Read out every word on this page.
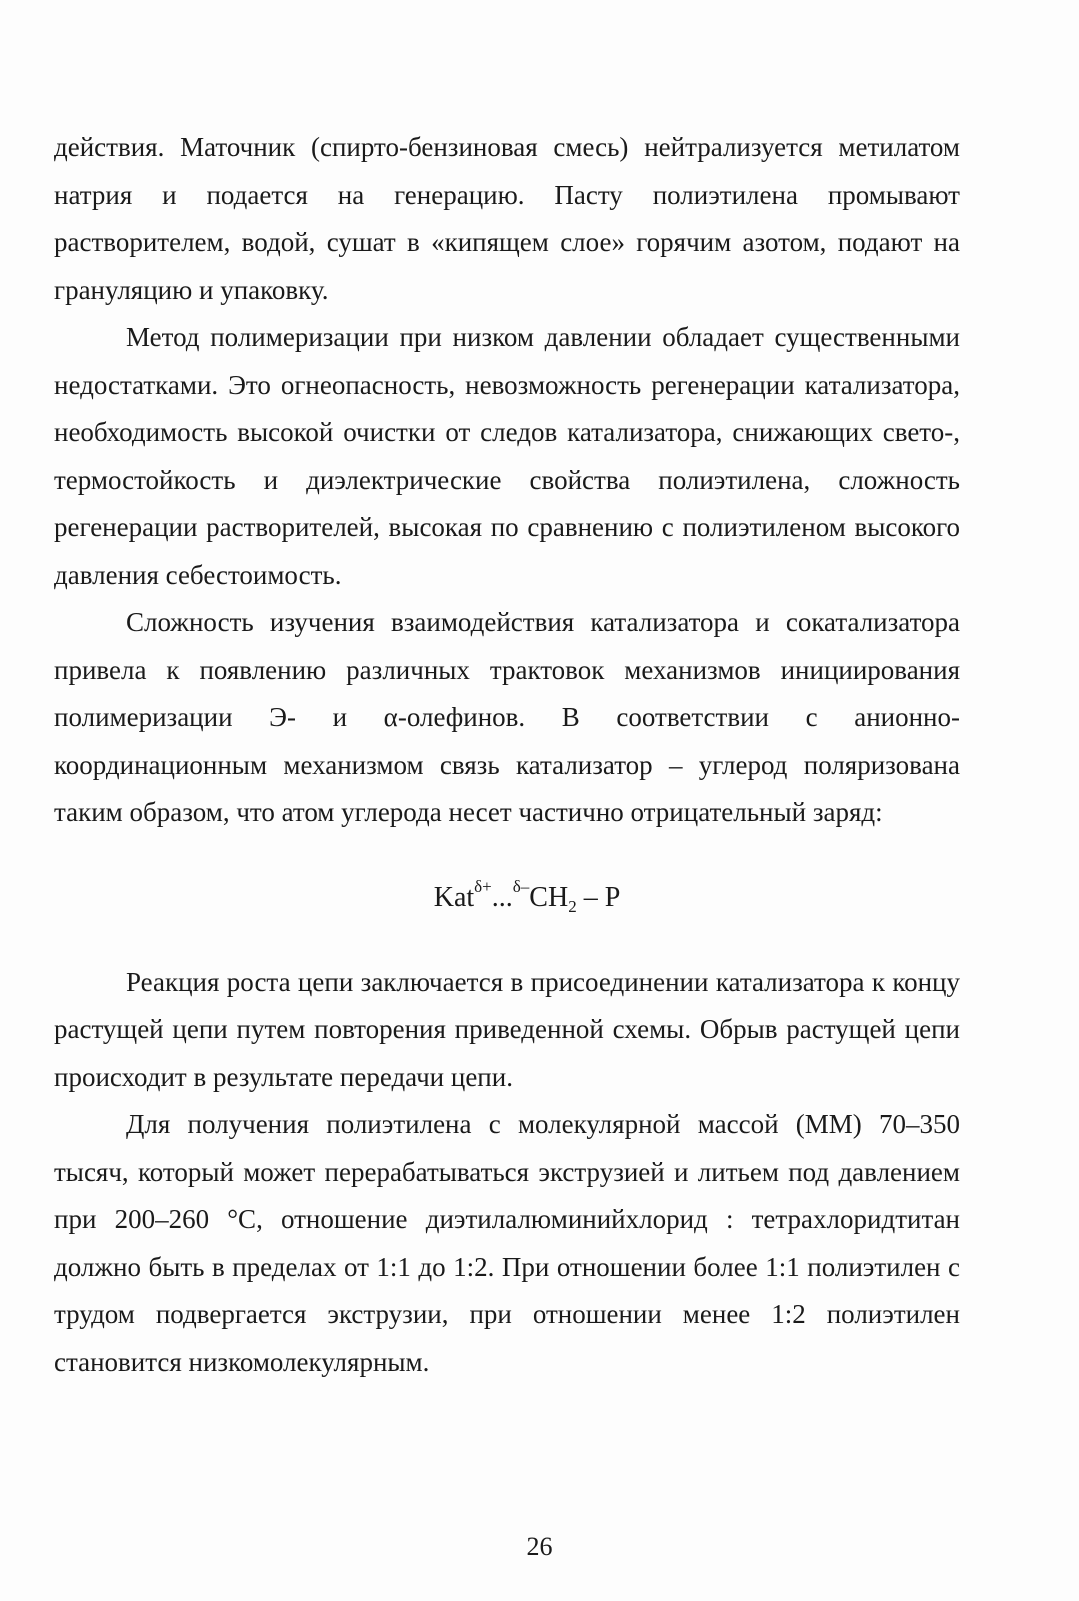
действия. Маточник (спирто-бензиновая смесь) нейтрализуется метилатом натрия и подается на генерацию. Пасту полиэтилена промывают растворителем, водой, сушат в «кипящем слое» горячим азотом, подают на грануляцию и упаковку.

Метод полимеризации при низком давлении обладает существенными недостатками. Это огнеопасность, невозможность регенерации катализатора, необходимость высокой очистки от следов катализатора, снижающих свето-, термостойкость и диэлектрические свойства полиэтилена, сложность регенерации растворителей, высокая по сравнению с полиэтиленом высокого давления себестоимость.

Сложность изучения взаимодействия катализатора и сокатализатора привела к появлению различных трактовок механизмов инициирования полимеризации Э- и α-олефинов. В соответствии с анионно-координационным механизмом связь катализатор – углерод поляризована таким образом, что атом углерода несет частично отрицательный заряд:

$Kat^{\delta+}...^{\delta-}CH_2$ – P

Реакция роста цепи заключается в присоединении катализатора к концу растущей цепи путем повторения приведенной схемы. Обрыв растущей цепи происходит в результате передачи цепи.

Для получения полиэтилена с молекулярной массой (ММ) 70–350 тысяч, который может перерабатываться экструзией и литьем под давлением при 200–260 °С, отношение диэтилалюминийхлорид : тетрахлоридтитан должно быть в пределах от 1:1 до 1:2. При отношении более 1:1 полиэтилен с трудом подвергается экструзии, при отношении менее 1:2 полиэтилен становится низкомолекулярным.

26
